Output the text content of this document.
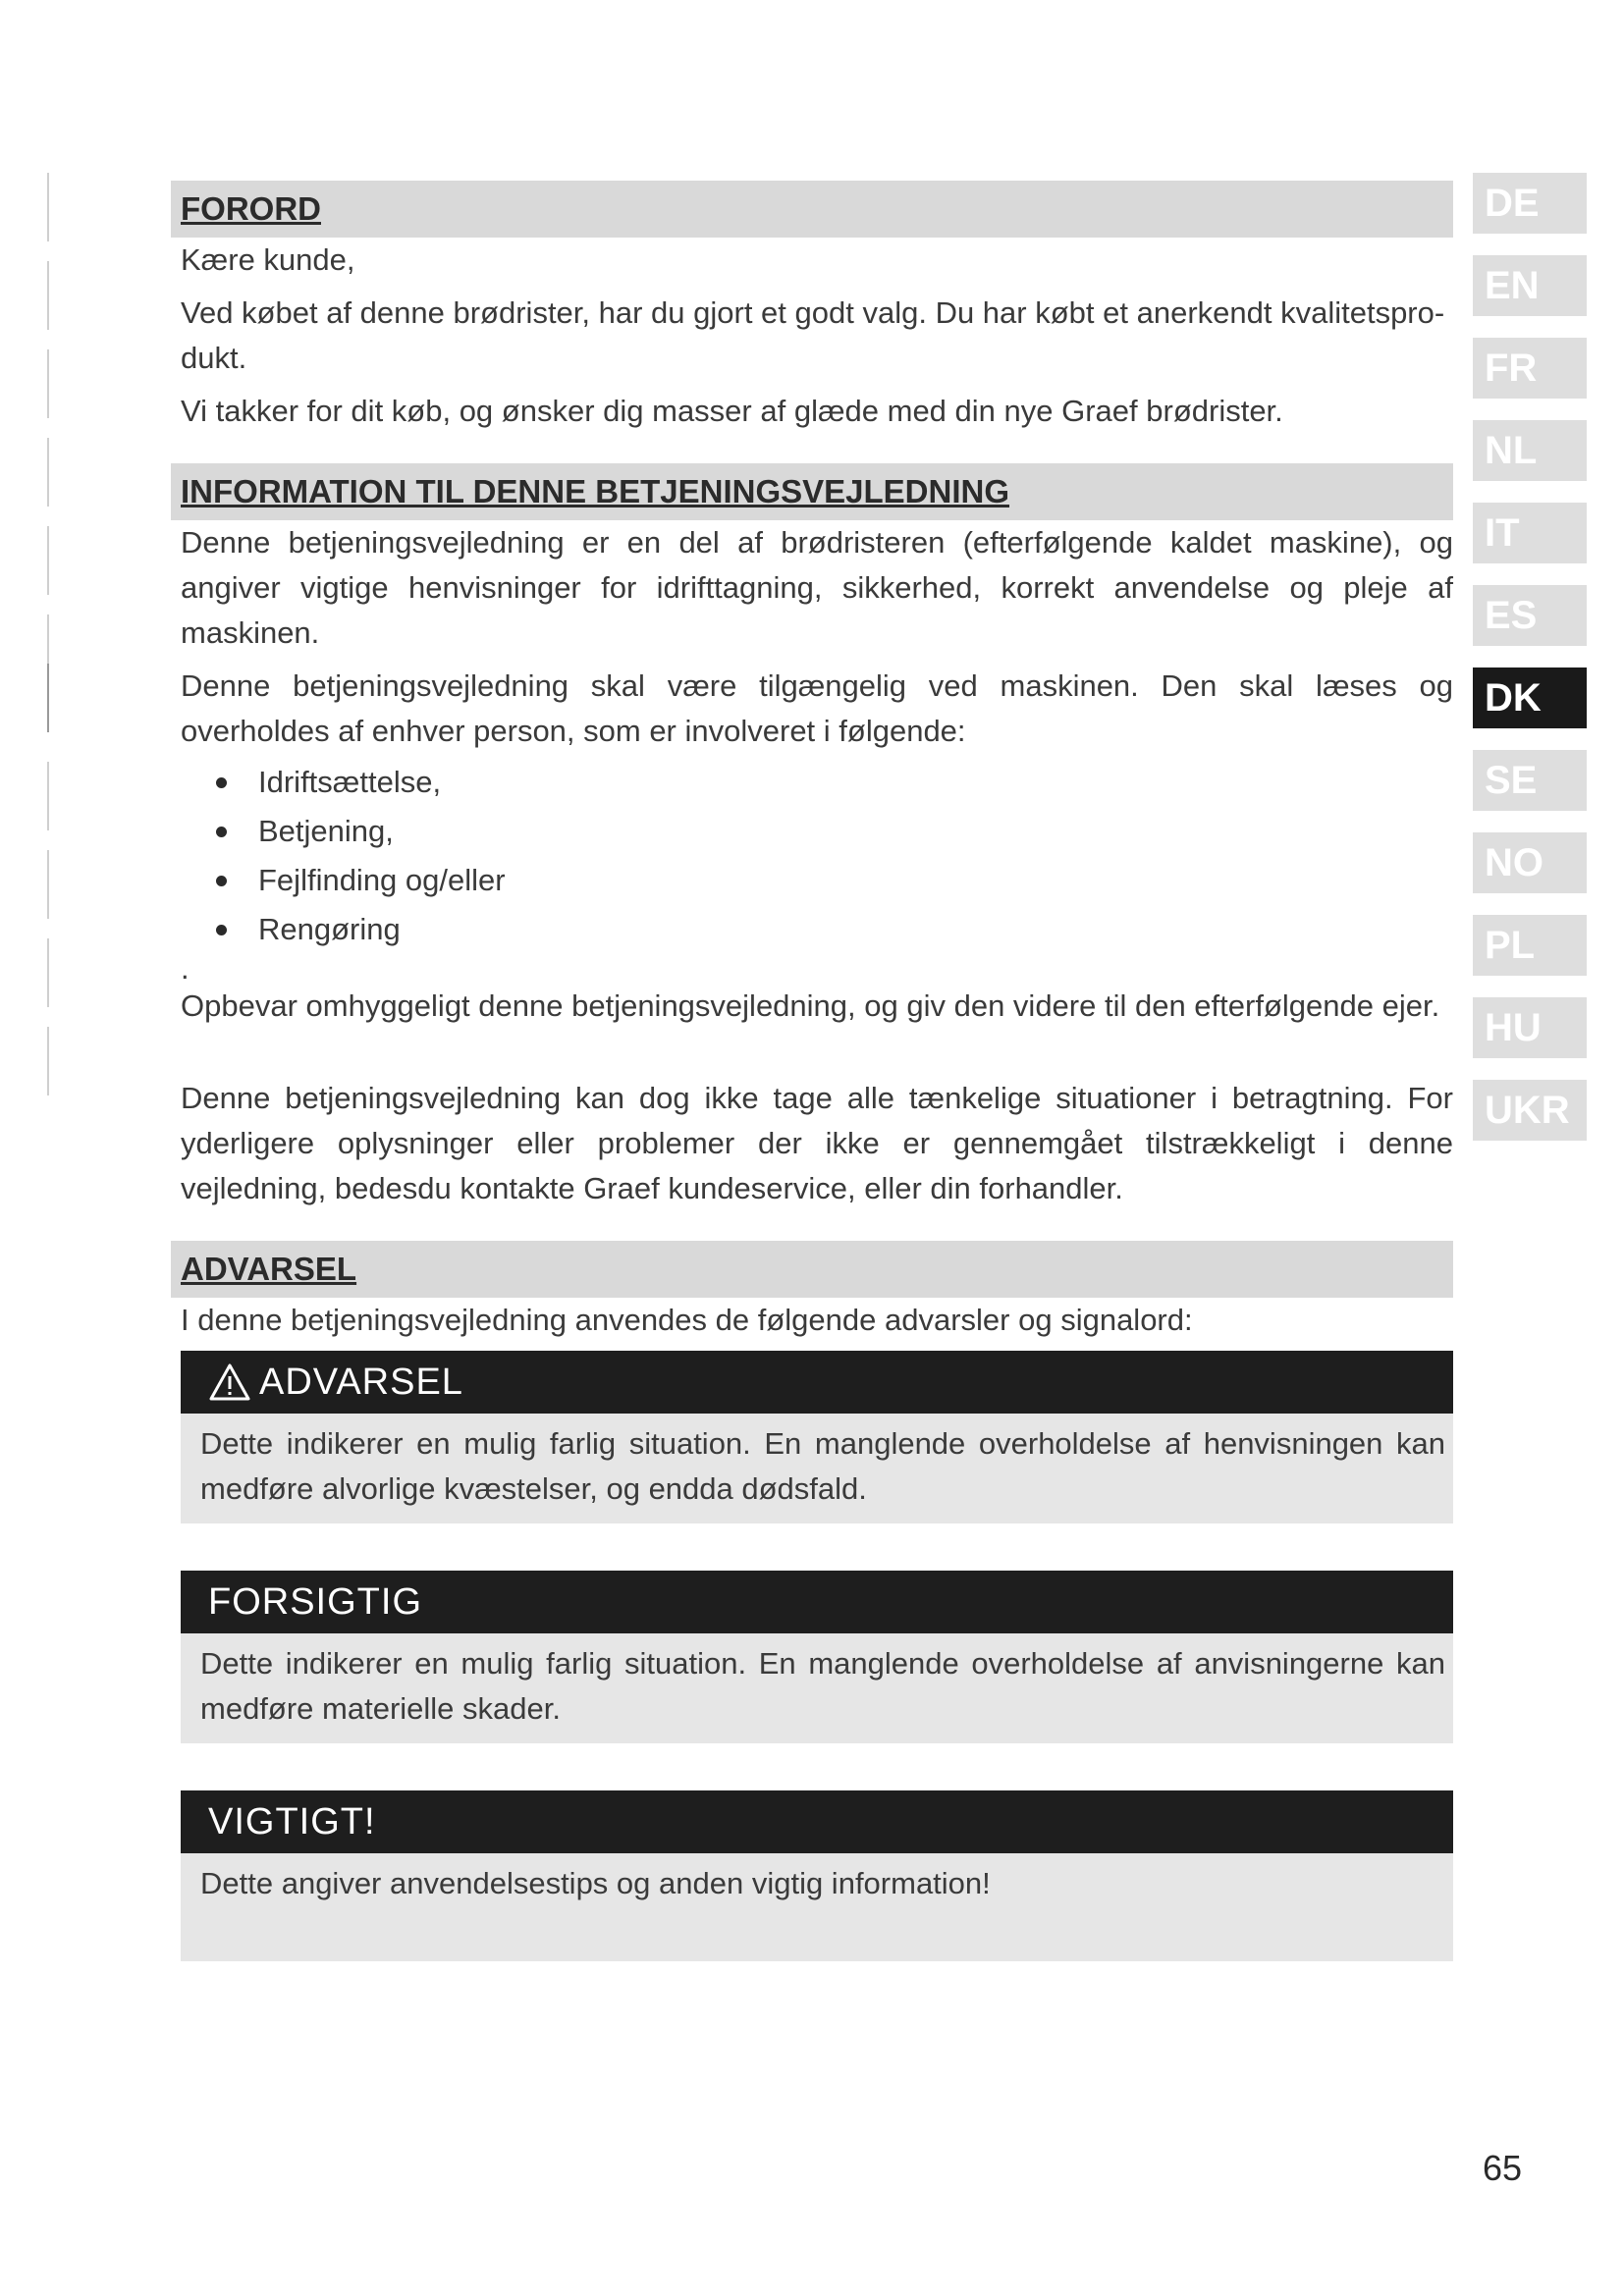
FORORD

Kære kunde,

Ved købet af denne brødrister, har du gjort et godt valg. Du har købt et anerkendt kvalitetspro-dukt.

Vi takker for dit køb, og ønsker dig masser af glæde med din nye Graef brødrister.

INFORMATION TIL DENNE BETJENINGSVEJLEDNING

Denne betjeningsvejledning er en del af brødristeren (efterfølgende kaldet maskine), og angiver vigtige henvisninger for idrifttagning, sikkerhed, korrekt anvendelse og pleje af maskinen.

Denne betjeningsvejledning skal være tilgængelig ved maskinen. Den skal læses og overholdes af enhver person, som er involveret i følgende:

Idriftsættelse,
Betjening,
Fejlfinding og/eller
Rengøring
.

Opbevar omhyggeligt denne betjeningsvejledning, og giv den videre til den efterfølgende ejer.

Denne betjeningsvejledning kan dog ikke tage alle tænkelige situationer i betragtning. For yderligere oplysninger eller problemer der ikke er gennemgået tilstrækkeligt i denne vejledning, bedesdu kontakte Graef kundeservice, eller din forhandler.

ADVARSEL

I denne betjeningsvejledning anvendes de følgende advarsler og signalord:

ADVARSEL
Dette indikerer en mulig farlig situation. En manglende overholdelse af henvisningen kan medføre alvorlige kvæstelser, og endda dødsfald.
FORSIGTIG
Dette indikerer en mulig farlig situation. En manglende overholdelse af anvisningerne kan medføre materielle skader.
VIGTIGT!
Dette angiver anvendelsestips og anden vigtig information!
DE
EN
FR
NL
IT
ES
DK
SE
NO
PL
HU
UKR
65
